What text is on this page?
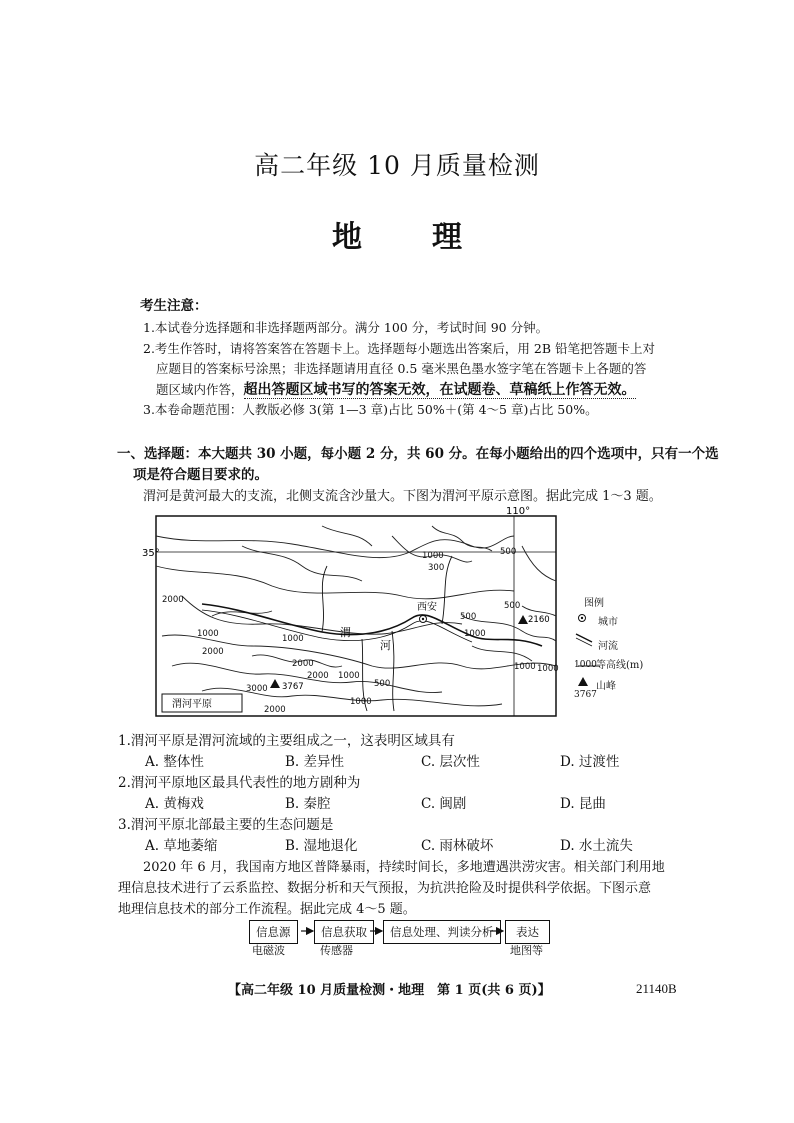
高二年级 10 月质量检测
地 理
考生注意：
1.本试卷分选择题和非选择题两部分。满分 100 分，考试时间 90 分钟。
2.考生作答时，请将答案答在答题卡上。选择题每小题选出答案后，用 2B 铅笔把答题卡上对
应题目的答案标号涂黑；非选择题请用直径 0.5 毫米黑色墨水签字笔在答题卡上各题的答
题区域内作答，超出答题区域书写的答案无效，在试题卷、草稿纸上作答无效。
3.本卷命题范围：人教版必修 3(第 1—3 章)占比 50%＋(第 4～5 章)占比 50%。
一、选择题：本大题共 30 小题，每小题 2 分，共 60 分。在每小题给出的四个选项中，只有一个选
项是符合题目要求的。
渭河是黄河最大的支流，北侧支流含沙量大。下图为渭河平原示意图。据此完成 1～3 题。
110°
35°
渭
河
西安
1000	500
300
2000
1000
2000
1000
500
1000
500
2000
3000
2000 1000
500
1000
2000
1000
1000
3767
2160
渭河平原
图例
城市
河流
1000 等高线(m)
山峰
3767
1.渭河平原是渭河流域的主要组成之一，这表明区域具有
A. 整体性	B. 差异性	C. 层次性	D. 过渡性
2.渭河平原地区最具代表性的地方剧种为
A. 黄梅戏	B. 秦腔	C. 闽剧	D. 昆曲
3.渭河平原北部最主要的生态问题是
A. 草地萎缩	B. 湿地退化	C. 雨林破坏	D. 水土流失
2020 年 6 月，我国南方地区普降暴雨，持续时间长，多地遭遇洪涝灾害。相关部门利用地
理信息技术进行了云系监控、数据分析和天气预报，为抗洪抢险及时提供科学依据。下图示意
地理信息技术的部分工作流程。据此完成 4～5 题。
信息源	信息获取	信息处理、判读分析	表达
电磁波	传感器	地图等
【高二年级 10 月质量检测・地理　第 1 页(共 6 页)】	21140B
